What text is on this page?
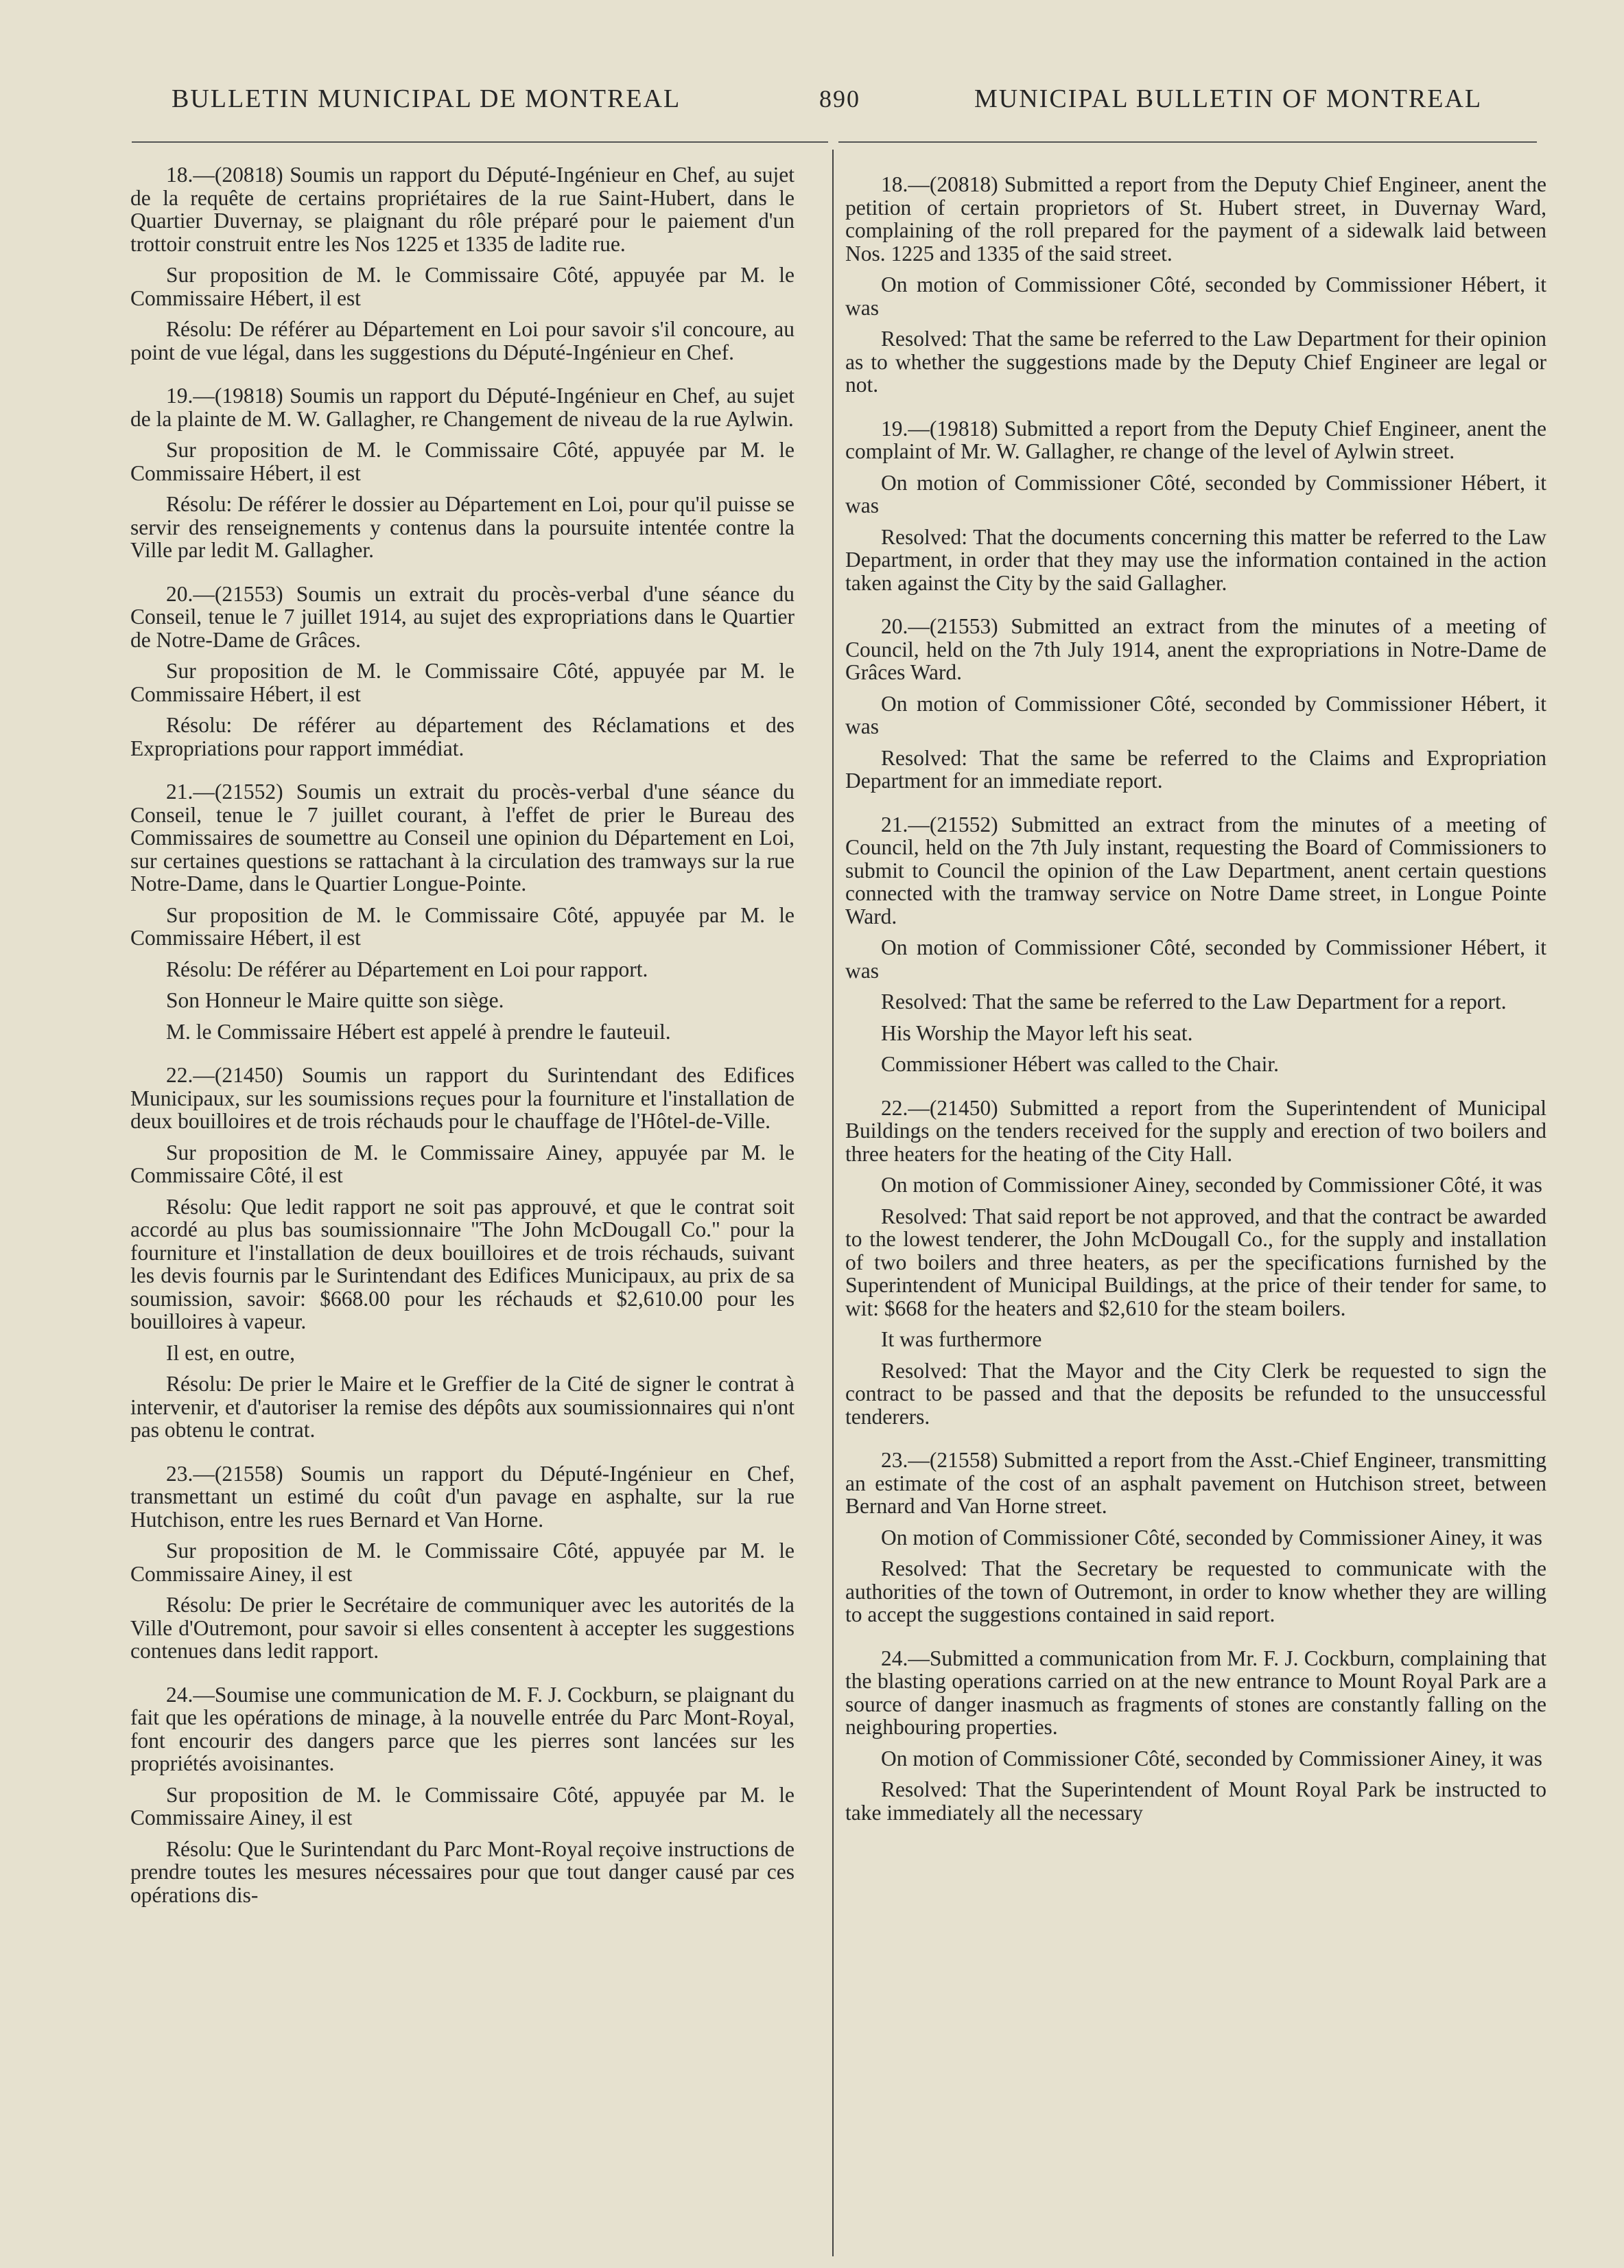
BULLETIN MUNICIPAL DE MONTREAL	890	MUNICIPAL BULLETIN OF MONTREAL

18.—(20818) Soumis un rapport du Député-Ingénieur en Chef, au sujet de la requête de certains propriétaires de la rue Saint-Hubert, dans le Quartier Duvernay, se plaignant du rôle préparé pour le paiement d'un trottoir construit entre les Nos 1225 et 1335 de ladite rue.

Sur proposition de M. le Commissaire Côté, appuyée par M. le Commissaire Hébert, il est

Résolu: De référer au Département en Loi pour savoir s'il concoure, au point de vue légal, dans les suggestions du Député-Ingénieur en Chef.

19.—(19818) Soumis un rapport du Député-Ingénieur en Chef, au sujet de la plainte de M. W. Gallagher, re Changement de niveau de la rue Aylwin.

Sur proposition de M. le Commissaire Côté, appuyée par M. le Commissaire Hébert, il est

Résolu: De référer le dossier au Département en Loi, pour qu'il puisse se servir des renseignements y contenus dans la poursuite intentée contre la Ville par ledit M. Gallagher.

20.—(21553) Soumis un extrait du procès-verbal d'une séance du Conseil, tenue le 7 juillet 1914, au sujet des expropriations dans le Quartier de Notre-Dame de Grâces.

Sur proposition de M. le Commissaire Côté, appuyée par M. le Commissaire Hébert, il est

Résolu: De référer au département des Réclamations et des Expropriations pour rapport immédiat.

21.—(21552) Soumis un extrait du procès-verbal d'une séance du Conseil, tenue le 7 juillet courant, à l'effet de prier le Bureau des Commissaires de soumettre au Conseil une opinion du Département en Loi, sur certaines questions se rattachant à la circulation des tramways sur la rue Notre-Dame, dans le Quartier Longue-Pointe.

Sur proposition de M. le Commissaire Côté, appuyée par M. le Commissaire Hébert, il est

Résolu: De référer au Département en Loi pour rapport.

Son Honneur le Maire quitte son siège.

M. le Commissaire Hébert est appelé à prendre le fauteuil.

22.—(21450) Soumis un rapport du Surintendant des Edifices Municipaux, sur les soumissions reçues pour la fourniture et l'installation de deux bouilloires et de trois réchauds pour le chauffage de l'Hôtel-de-Ville.

Sur proposition de M. le Commissaire Ainey, appuyée par M. le Commissaire Côté, il est

Résolu: Que ledit rapport ne soit pas approuvé, et que le contrat soit accordé au plus bas soumissionnaire "The John McDougall Co." pour la fourniture et l'installation de deux bouilloires et de trois réchauds, suivant les devis fournis par le Surintendant des Edifices Municipaux, au prix de sa soumission, savoir: $668.00 pour les réchauds et $2,610.00 pour les bouilloires à vapeur.

Il est, en outre,

Résolu: De prier le Maire et le Greffier de la Cité de signer le contrat à intervenir, et d'autoriser la remise des dépôts aux soumissionnaires qui n'ont pas obtenu le contrat.

23.—(21558) Soumis un rapport du Député-Ingénieur en Chef, transmettant un estimé du coût d'un pavage en asphalte, sur la rue Hutchison, entre les rues Bernard et Van Horne.

Sur proposition de M. le Commissaire Côté, appuyée par M. le Commissaire Ainey, il est

Résolu: De prier le Secrétaire de communiquer avec les autorités de la Ville d'Outremont, pour savoir si elles consentent à accepter les suggestions contenues dans ledit rapport.

24.—Soumise une communication de M. F. J. Cockburn, se plaignant du fait que les opérations de minage, à la nouvelle entrée du Parc Mont-Royal, font encourir des dangers parce que les pierres sont lancées sur les propriétés avoisinantes.

Sur proposition de M. le Commissaire Côté, appuyée par M. le Commissaire Ainey, il est

Résolu: Que le Surintendant du Parc Mont-Royal reçoive instructions de prendre toutes les mesures nécessaires pour que tout danger causé par ces opérations dis-

18.—(20818) Submitted a report from the Deputy Chief Engineer, anent the petition of certain proprietors of St. Hubert street, in Duvernay Ward, complaining of the roll prepared for the payment of a sidewalk laid between Nos. 1225 and 1335 of the said street.

On motion of Commissioner Côté, seconded by Commissioner Hébert, it was

Resolved: That the same be referred to the Law Department for their opinion as to whether the suggestions made by the Deputy Chief Engineer are legal or not.

19.—(19818) Submitted a report from the Deputy Chief Engineer, anent the complaint of Mr. W. Gallagher, re change of the level of Aylwin street.

On motion of Commissioner Côté, seconded by Commissioner Hébert, it was

Resolved: That the documents concerning this matter be referred to the Law Department, in order that they may use the information contained in the action taken against the City by the said Gallagher.

20.—(21553) Submitted an extract from the minutes of a meeting of Council, held on the 7th July 1914, anent the expropriations in Notre-Dame de Grâces Ward.

On motion of Commissioner Côté, seconded by Commissioner Hébert, it was

Resolved: That the same be referred to the Claims and Expropriation Department for an immediate report.

21.—(21552) Submitted an extract from the minutes of a meeting of Council, held on the 7th July instant, requesting the Board of Commissioners to submit to Council the opinion of the Law Department, anent certain questions connected with the tramway service on Notre Dame street, in Longue Pointe Ward.

On motion of Commissioner Côté, seconded by Commissioner Hébert, it was

Resolved: That the same be referred to the Law Department for a report.

His Worship the Mayor left his seat.

Commissioner Hébert was called to the Chair.

22.—(21450) Submitted a report from the Superintendent of Municipal Buildings on the tenders received for the supply and erection of two boilers and three heaters for the heating of the City Hall.

On motion of Commissioner Ainey, seconded by Commissioner Côté, it was

Resolved: That said report be not approved, and that the contract be awarded to the lowest tenderer, the John McDougall Co., for the supply and installation of two boilers and three heaters, as per the specifications furnished by the Superintendent of Municipal Buildings, at the price of their tender for same, to wit: $668 for the heaters and $2,610 for the steam boilers.

It was furthermore

Resolved: That the Mayor and the City Clerk be requested to sign the contract to be passed and that the deposits be refunded to the unsuccessful tenderers.

23.—(21558) Submitted a report from the Asst.-Chief Engineer, transmitting an estimate of the cost of an asphalt pavement on Hutchison street, between Bernard and Van Horne street.

On motion of Commissioner Côté, seconded by Commissioner Ainey, it was

Resolved: That the Secretary be requested to communicate with the authorities of the town of Outremont, in order to know whether they are willing to accept the suggestions contained in said report.

24.—Submitted a communication from Mr. F. J. Cockburn, complaining that the blasting operations carried on at the new entrance to Mount Royal Park are a source of danger inasmuch as fragments of stones are constantly falling on the neighbouring properties.

On motion of Commissioner Côté, seconded by Commissioner Ainey, it was

Resolved: That the Superintendent of Mount Royal Park be instructed to take immediately all the necessary
